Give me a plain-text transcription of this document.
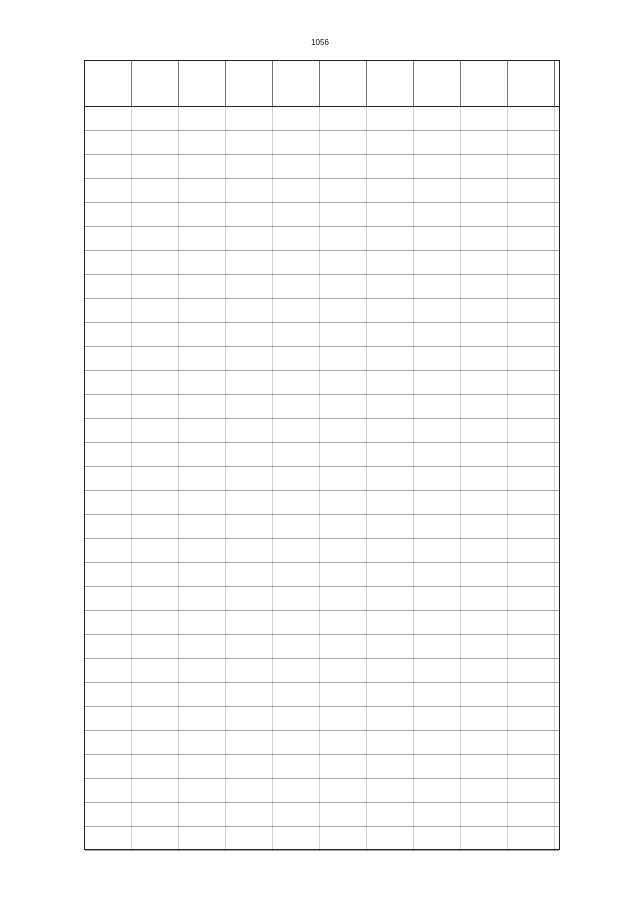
1056
